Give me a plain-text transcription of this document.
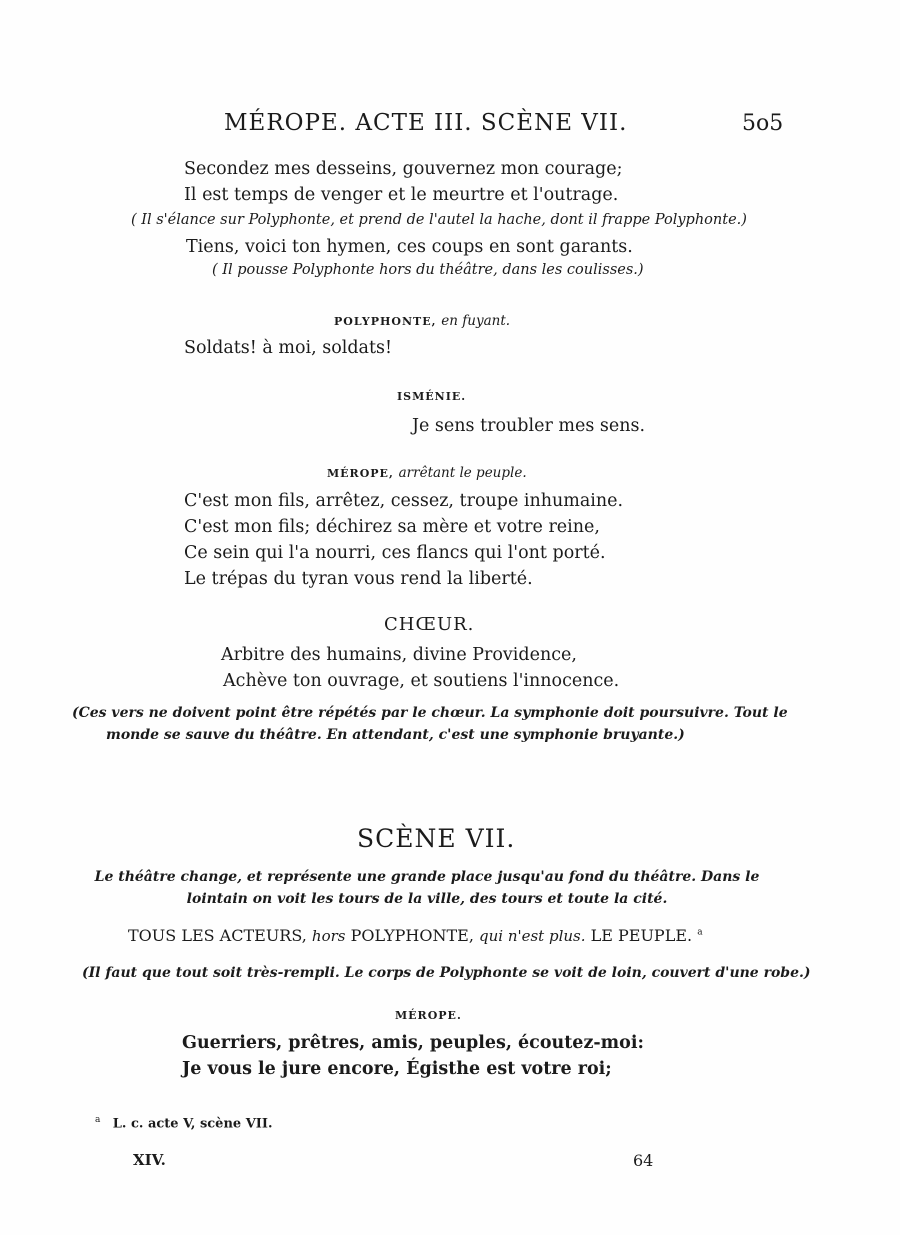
MÉROPE. ACTE III. SCÈNE VII.	5o5
Secondez mes desseins, gouvernez mon courage;
Il est temps de venger et le meurtre et l'outrage.
( Il s'élance sur Polyphonte, et prend de l'autel la hache, dont il frappe Polyphonte.)
Tiens, voici ton hymen, ces coups en sont garants.
( Il pousse Polyphonte hors du théâtre, dans les coulisses.)
POLYPHONTE, en fuyant.
Soldats! à moi, soldats!
ISMÉNIE.
Je sens troubler mes sens.
MÉROPE, arrêtant le peuple.
C'est mon fils, arrêtez, cessez, troupe inhumaine.
C'est mon fils; déchirez sa mère et votre reine,
Ce sein qui l'a nourri, ces flancs qui l'ont porté.
Le trépas du tyran vous rend la liberté.
CHŒUR.
Arbitre des humains, divine Providence,
Achève ton ouvrage, et soutiens l'innocence.
(Ces vers ne doivent point être répétés par le chœur. La symphonie doit poursuivre. Tout le monde se sauve du théâtre. En attendant, c'est une symphonie bruyante.)
SCÈNE VII.
Le théâtre change, et représente une grande place jusqu'au fond du théâtre. Dans le lointain on voit les tours de la ville, des tours et toute la cité.
TOUS LES ACTEURS, hors POLYPHONTE, qui n'est plus. LE PEUPLE. $^a$
(Il faut que tout soit très-rempli. Le corps de Polyphonte se voit de loin, couvert d'une robe.)
MÉROPE.
Guerriers, prêtres, amis, peuples, écoutez-moi:
Je vous le jure encore, Égisthe est votre roi;
$^a$ L. c. acte V, scène VII.
XIV.	64
